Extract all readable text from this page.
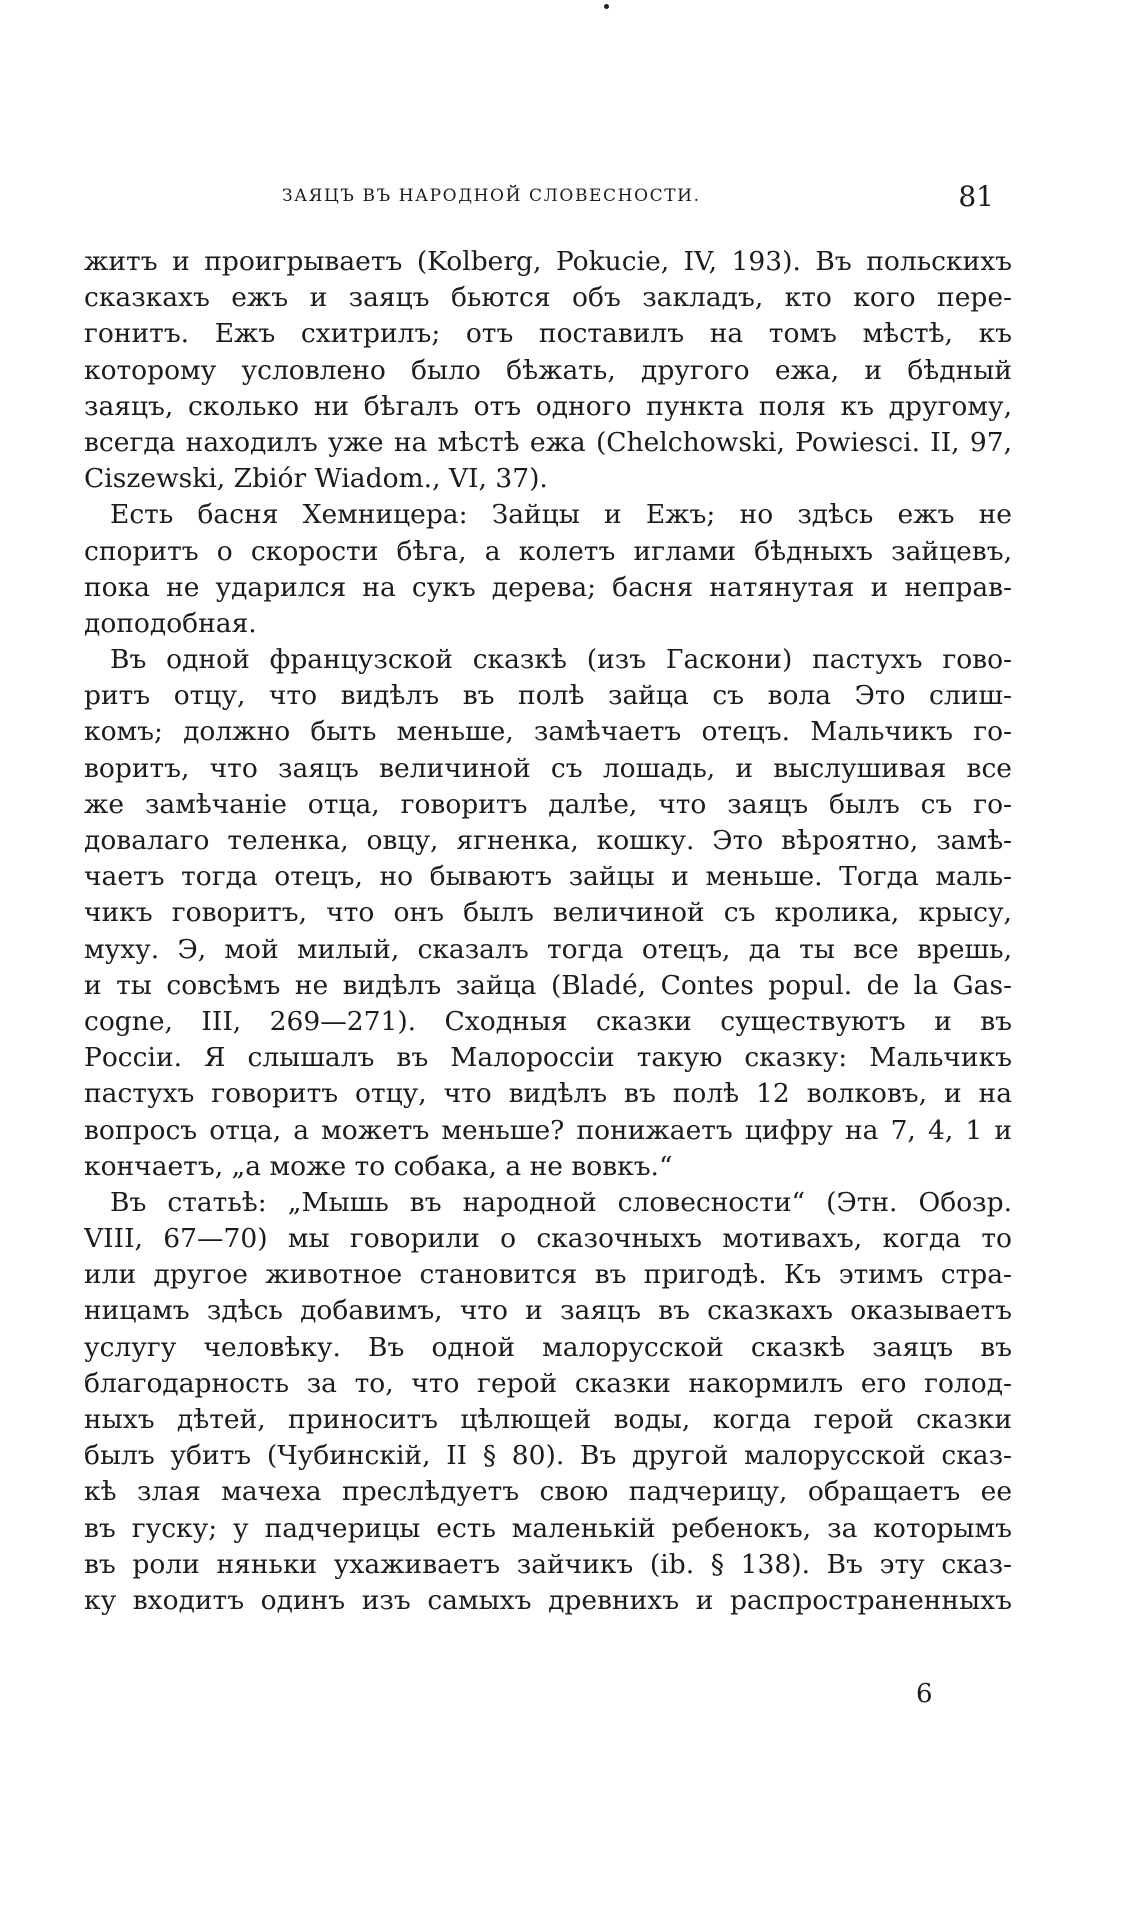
ЗАЯЦЪ ВЪ НАРОДНОЙ СЛОВЕСНОСТИ.	81
житъ и проигрываетъ (Kolberg, Pokucie, IV, 193). Въ польскихъ
сказкахъ ежъ и заяцъ бьются объ закладъ, кто кого пере-
гонитъ. Ежъ схитрилъ; отъ поставилъ на томъ мѣстѣ, къ
которому условлено было бѣжать, другого ежа, и бѣдный
заяцъ, сколько ни бѣгалъ отъ одного пункта поля къ другому,
всегда находилъ уже на мѣстѣ ежа (Chelchowski, Powiesci. II, 97,
Ciszewski, Zbiór Wiadom., VI, 37).
Есть басня Хемницера: Зайцы и Ежъ; но здѣсь ежъ не
споритъ о скорости бѣга, а колетъ иглами бѣдныхъ зайцевъ,
пока не ударился на сукъ дерева; басня натянутая и неправ-
доподобная.
Въ одной французской сказкѣ (изъ Гаскони) пастухъ гово-
ритъ отцу, что видѣлъ въ полѣ зайца съ вола Это слиш-
комъ; должно быть меньше, замѣчаетъ отецъ. Мальчикъ го-
воритъ, что заяцъ величиной съ лошадь, и выслушивая все
же замѣчаніе отца, говоритъ далѣе, что заяцъ былъ съ го-
довалаго теленка, овцу, ягненка, кошку. Это вѣроятно, замѣ-
чаетъ тогда отецъ, но бываютъ зайцы и меньше. Тогда маль-
чикъ говоритъ, что онъ былъ величиной съ кролика, крысу,
муху. Э, мой милый, сказалъ тогда отецъ, да ты все врешь,
и ты совсѣмъ не видѣлъ зайца (Bladé, Contes popul. de la Gas-
cogne, III, 269—271). Сходныя сказки существуютъ и въ
Россіи. Я слышалъ въ Малороссіи такую сказку: Мальчикъ
пастухъ говоритъ отцу, что видѣлъ въ полѣ 12 волковъ, и на
вопросъ отца, а можетъ меньше? понижаетъ цифру на 7, 4, 1 и
кончаетъ, „а може то собака, а не вовкъ.“
Въ статьѣ: „Мышь въ народной словесности“ (Этн. Обозр.
VIII, 67—70) мы говорили о сказочныхъ мотивахъ, когда то
или другое животное становится въ пригодѣ. Къ этимъ стра-
ницамъ здѣсь добавимъ, что и заяцъ въ сказкахъ оказываетъ
услугу человѣку. Въ одной малорусской сказкѣ заяцъ въ
благодарность за то, что герой сказки накормилъ его голод-
ныхъ дѣтей, приноситъ цѣлющей воды, когда герой сказки
былъ убитъ (Чубинскій, II § 80). Въ другой малорусской сказ-
кѣ злая мачеха преслѣдуетъ свою падчерицу, обращаетъ ее
въ гуску; у падчерицы есть маленькій ребенокъ, за которымъ
въ роли няньки ухаживаетъ зайчикъ (ib. § 138). Въ эту сказ-
ку входитъ одинъ изъ самыхъ древнихъ и распространенныхъ
6
